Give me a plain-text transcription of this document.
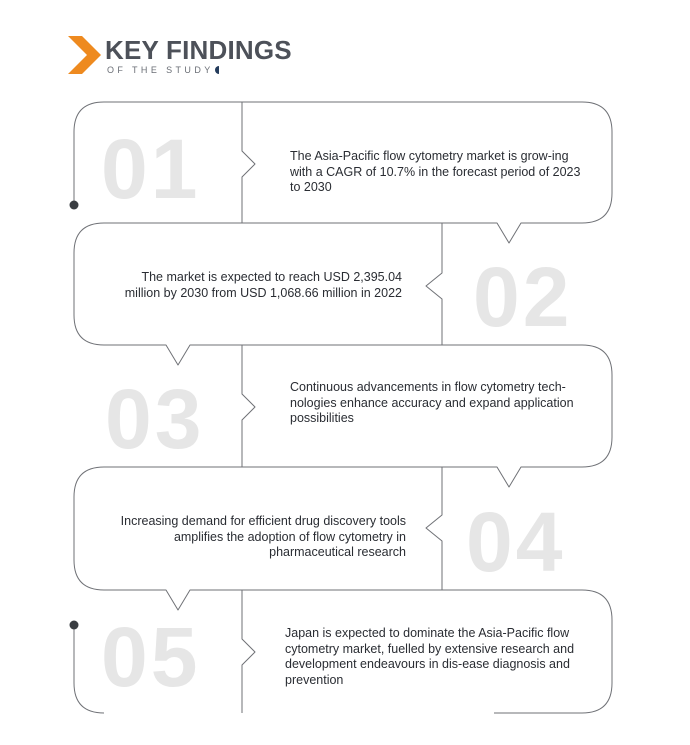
KEY FINDINGS
OF THE STUDY
01
02
03
04
05

The Asia-Pacific flow cytometry market is grow-ing with a CAGR of 10.7% in the forecast period of 2023 to 2030

The market is expected to reach USD 2,395.04 million by 2030 from USD 1,068.66 million in 2022

Continuous advancements in flow cytometry tech-nologies enhance accuracy and expand application possibilities

Increasing demand for efficient drug discovery tools amplifies the adoption of flow cytometry in pharmaceutical research

Japan is expected to dominate the Asia-Pacific flow cytometry market, fuelled by extensive research and development endeavours in dis-ease diagnosis and prevention
